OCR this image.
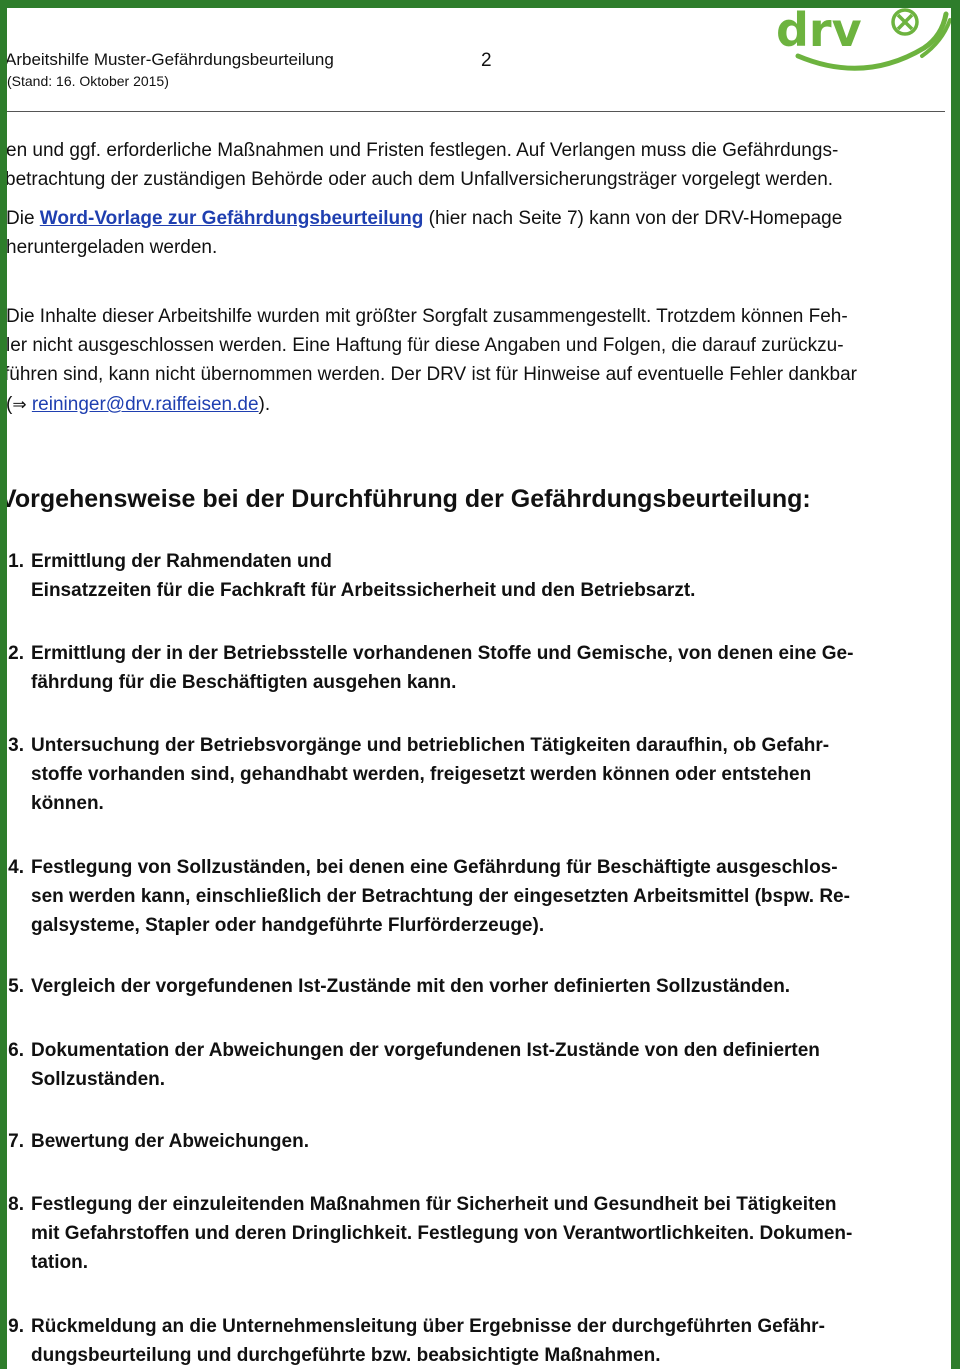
Arbeitshilfe Muster-Gefährdungsbeurteilung	2
(Stand: 16. Oktober 2015)
drv
en und ggf. erforderliche Maßnahmen und Fristen festlegen. Auf Verlangen muss die Gefährdungs-
betrachtung der zuständigen Behörde oder auch dem Unfallversicherungsträger vorgelegt werden.
Die Word-Vorlage zur Gefährdungsbeurteilung (hier nach Seite 7) kann von der DRV-Homepage
heruntergeladen werden.
Die Inhalte dieser Arbeitshilfe wurden mit größter Sorgfalt zusammengestellt. Trotzdem können Feh-
ler nicht ausgeschlossen werden. Eine Haftung für diese Angaben und Folgen, die darauf zurückzu-
führen sind, kann nicht übernommen werden. Der DRV ist für Hinweise auf eventuelle Fehler dankbar
(⇒ reininger@drv.raiffeisen.de).
Vorgehensweise bei der Durchführung der Gefährdungsbeurteilung:
1. Ermittlung der Rahmendaten und
Einsatzzeiten für die Fachkraft für Arbeitssicherheit und den Betriebsarzt.
2. Ermittlung der in der Betriebsstelle vorhandenen Stoffe und Gemische, von denen eine Ge-
fährdung für die Beschäftigten ausgehen kann.
3. Untersuchung der Betriebsvorgänge und betrieblichen Tätigkeiten daraufhin, ob Gefahr-
stoffe vorhanden sind, gehandhabt werden, freigesetzt werden können oder entstehen
können.
4. Festlegung von Sollzuständen, bei denen eine Gefährdung für Beschäftigte ausgeschlos-
sen werden kann, einschließlich der Betrachtung der eingesetzten Arbeitsmittel (bspw. Re-
galsysteme, Stapler oder handgeführte Flurförderzeuge).
5. Vergleich der vorgefundenen Ist-Zustände mit den vorher definierten Sollzuständen.
6. Dokumentation der Abweichungen der vorgefundenen Ist-Zustände von den definierten
Sollzuständen.
7. Bewertung der Abweichungen.
8. Festlegung der einzuleitenden Maßnahmen für Sicherheit und Gesundheit bei Tätigkeiten
mit Gefahrstoffen und deren Dringlichkeit. Festlegung von Verantwortlichkeiten. Dokumen-
tation.
9. Rückmeldung an die Unternehmensleitung über Ergebnisse der durchgeführten Gefähr-
dungsbeurteilung und durchgeführte bzw. beabsichtigte Maßnahmen.
